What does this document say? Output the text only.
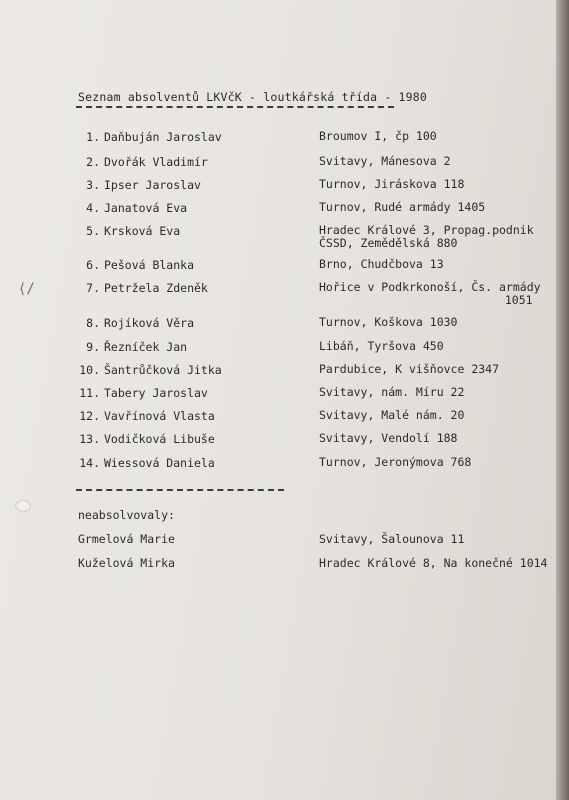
Seznam absolventů LKVčK - loutkářská třída - 1980
1. Daňbuján Jaroslav	Broumov I, čp 100
2. Dvořák Vladimír	Svitavy, Mánesova 2
3. Ipser Jaroslav	Turnov, Jiráskova 118
4. Janatová Eva	Turnov, Rudé armády 1405
5. Krsková Eva	Hradec Králové 3, Propag.podnik
ČSSD, Zemědělská 880
6. Pešová Blanka	Brno, Chudčbova 13
7. Petržela Zdeněk	Hořice v Podkrkonoší, Čs. armády
1051
8. Rojíková Věra	Turnov, Koškova 1030
9. Řezníček Jan	Libáň, Tyršova 450
10. Šantrůčková Jitka	Pardubice, K višňovce 2347
11. Tabery Jaroslav	Svitavy, nám. Míru 22
12. Vavřínová Vlasta	Svitavy, Malé nám. 20
13. Vodičková Libuše	Svitavy, Vendolí 188
14. Wiessová Daniela	Turnov, Jeronýmova 768
neabsolvovaly:
Grmelová Marie	Svitavy, Šalounova 11
Kuželová Mirka	Hradec Králové 8, Na konečné 1014
⟨/
